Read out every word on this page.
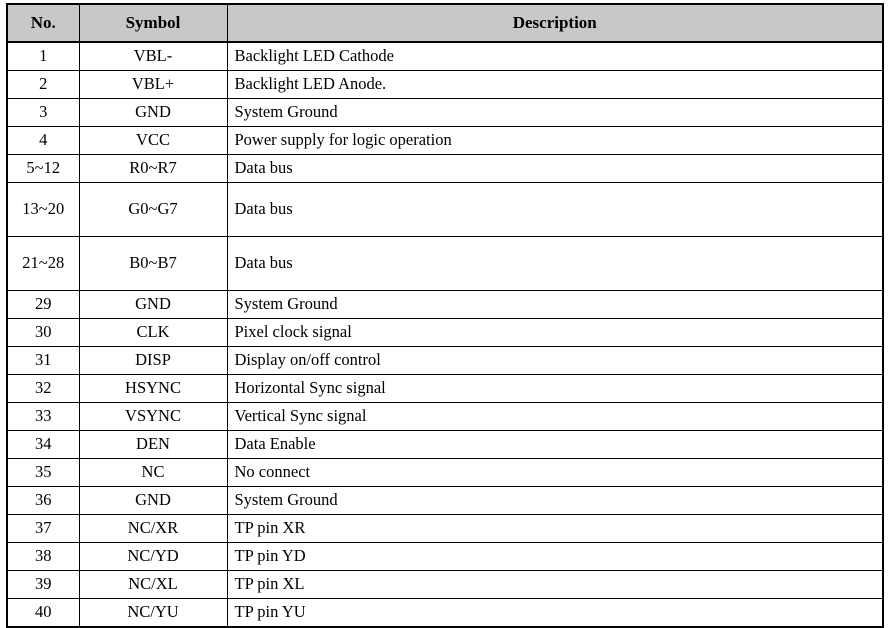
No.	Symbol	Description
1	VBL-	Backlight LED Cathode
2	VBL+	Backlight LED Anode.
3	GND	System Ground
4	VCC	Power supply for logic operation
5~12	R0~R7	Data bus
13~20	G0~G7	Data bus
21~28	B0~B7	Data bus
29	GND	System Ground
30	CLK	Pixel clock signal
31	DISP	Display on/off control
32	HSYNC	Horizontal Sync signal
33	VSYNC	Vertical Sync signal
34	DEN	Data Enable
35	NC	No connect
36	GND	System Ground
37	NC/XR	TP pin XR
38	NC/YD	TP pin YD
39	NC/XL	TP pin XL
40	NC/YU	TP pin YU
